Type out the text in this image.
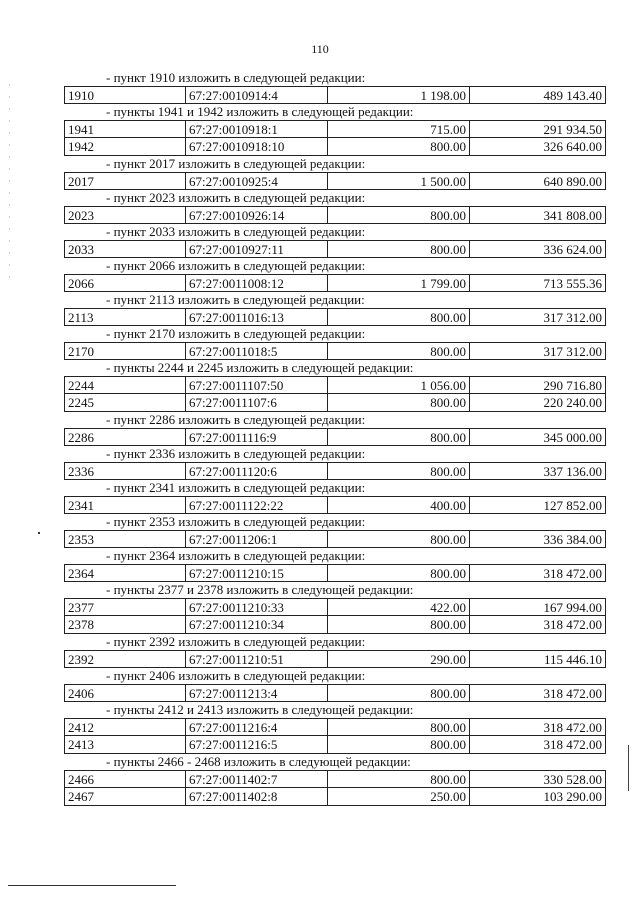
110
·
·
·
·
·
·
·
·
·
·
·
·
·
·
·
·
·
- пункт 1910 изложить в следующей редакции:
1910	67:27:0010914:4	1 198.00	489 143.40
- пункты 1941 и 1942 изложить в следующей редакции:
1941	67:27:0010918:1	715.00	291 934.50
1942	67:27:0010918:10	800.00	326 640.00
- пункт 2017 изложить в следующей редакции:
2017	67:27:0010925:4	1 500.00	640 890.00
- пункт 2023 изложить в следующей редакции:
2023	67:27:0010926:14	800.00	341 808.00
- пункт 2033 изложить в следующей редакции:
2033	67:27:0010927:11	800.00	336 624.00
- пункт 2066 изложить в следующей редакции:
2066	67:27:0011008:12	1 799.00	713 555.36
- пункт 2113 изложить в следующей редакции:
2113	67:27:0011016:13	800.00	317 312.00
- пункт 2170 изложить в следующей редакции:
2170	67:27:0011018:5	800.00	317 312.00
- пункты 2244 и 2245 изложить в следующей редакции:
2244	67:27:0011107:50	1 056.00	290 716.80
2245	67:27:0011107:6	800.00	220 240.00
- пункт 2286 изложить в следующей редакции:
2286	67:27:0011116:9	800.00	345 000.00
- пункт 2336 изложить в следующей редакции:
2336	67:27:0011120:6	800.00	337 136.00
- пункт 2341 изложить в следующей редакции:
2341	67:27:0011122:22	400.00	127 852.00
- пункт 2353 изложить в следующей редакции:
2353	67:27:0011206:1	800.00	336 384.00
- пункт 2364 изложить в следующей редакции:
2364	67:27:0011210:15	800.00	318 472.00
- пункты 2377 и 2378 изложить в следующей редакции:
2377	67:27:0011210:33	422.00	167 994.00
2378	67:27:0011210:34	800.00	318 472.00
- пункт 2392 изложить в следующей редакции:
2392	67:27:0011210:51	290.00	115 446.10
- пункт 2406 изложить в следующей редакции:
2406	67:27:0011213:4	800.00	318 472.00
- пункты 2412 и 2413 изложить в следующей редакции:
2412	67:27:0011216:4	800.00	318 472.00
2413	67:27:0011216:5	800.00	318 472.00
- пункты 2466 - 2468 изложить в следующей редакции:
2466	67:27:0011402:7	800.00	330 528.00
2467	67:27:0011402:8	250.00	103 290.00
